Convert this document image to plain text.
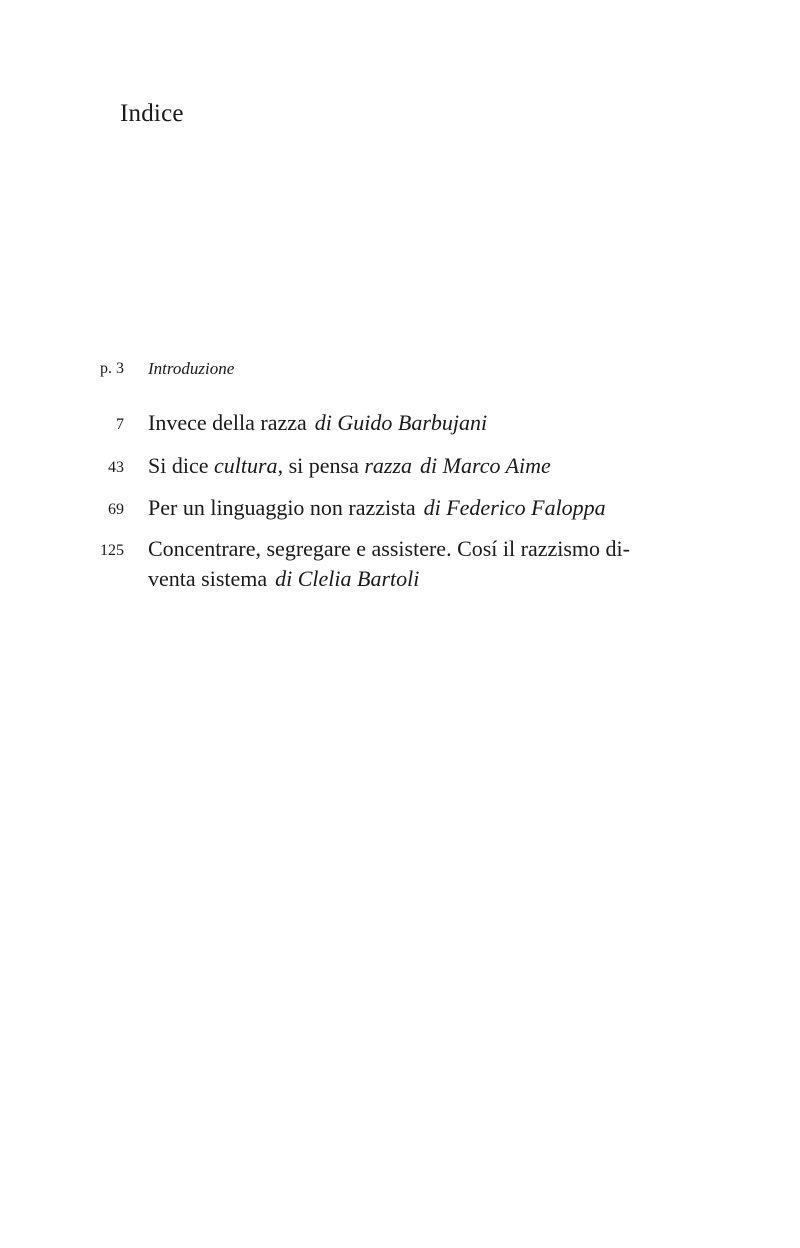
Indice
p. 3 Introduzione
7 Invece della razza di Guido Barbujani
43 Si dice cultura, si pensa razza di Marco Aime
69 Per un linguaggio non razzista di Federico Faloppa
125 Concentrare, segregare e assistere. Cosí il razzismo di-
venta sistema di Clelia Bartoli
